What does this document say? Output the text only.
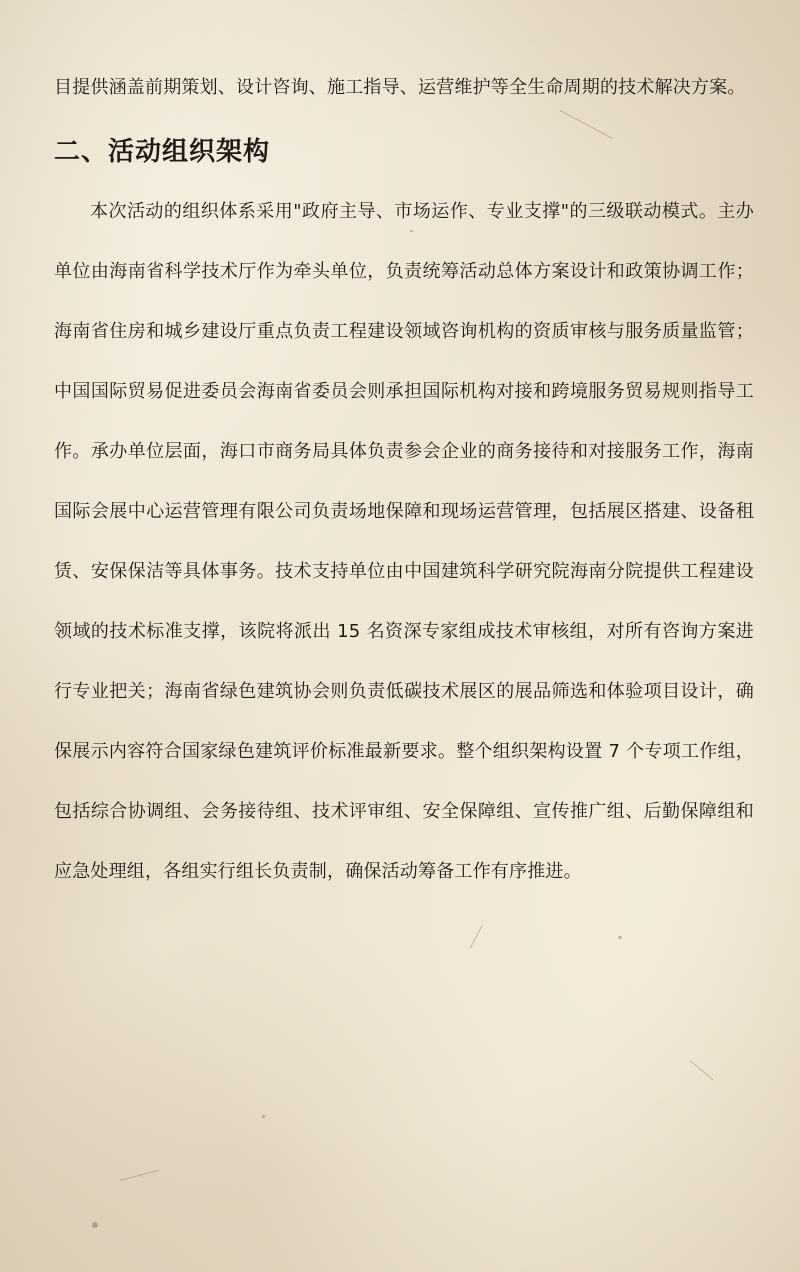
目提供涵盖前期策划、设计咨询、施工指导、运营维护等全生命周期的技术解决方案。

二、活动组织架构

本次活动的组织体系采用"政府主导、市场运作、专业支撑"的三级联动模式。主办单位由海南省科学技术厅作为牵头单位，负责统筹活动总体方案设计和政策协调工作；海南省住房和城乡建设厅重点负责工程建设领域咨询机构的资质审核与服务质量监管；中国国际贸易促进委员会海南省委员会则承担国际机构对接和跨境服务贸易规则指导工作。承办单位层面，海口市商务局具体负责参会企业的商务接待和对接服务工作，海南国际会展中心运营管理有限公司负责场地保障和现场运营管理，包括展区搭建、设备租赁、安保保洁等具体事务。技术支持单位由中国建筑科学研究院海南分院提供工程建设领域的技术标准支撑，该院将派出 15 名资深专家组成技术审核组，对所有咨询方案进行专业把关；海南省绿色建筑协会则负责低碳技术展区的展品筛选和体验项目设计，确保展示内容符合国家绿色建筑评价标准最新要求。整个组织架构设置 7 个专项工作组，包括综合协调组、会务接待组、技术评审组、安全保障组、宣传推广组、后勤保障组和应急处理组，各组实行组长负责制，确保活动筹备工作有序推进。
